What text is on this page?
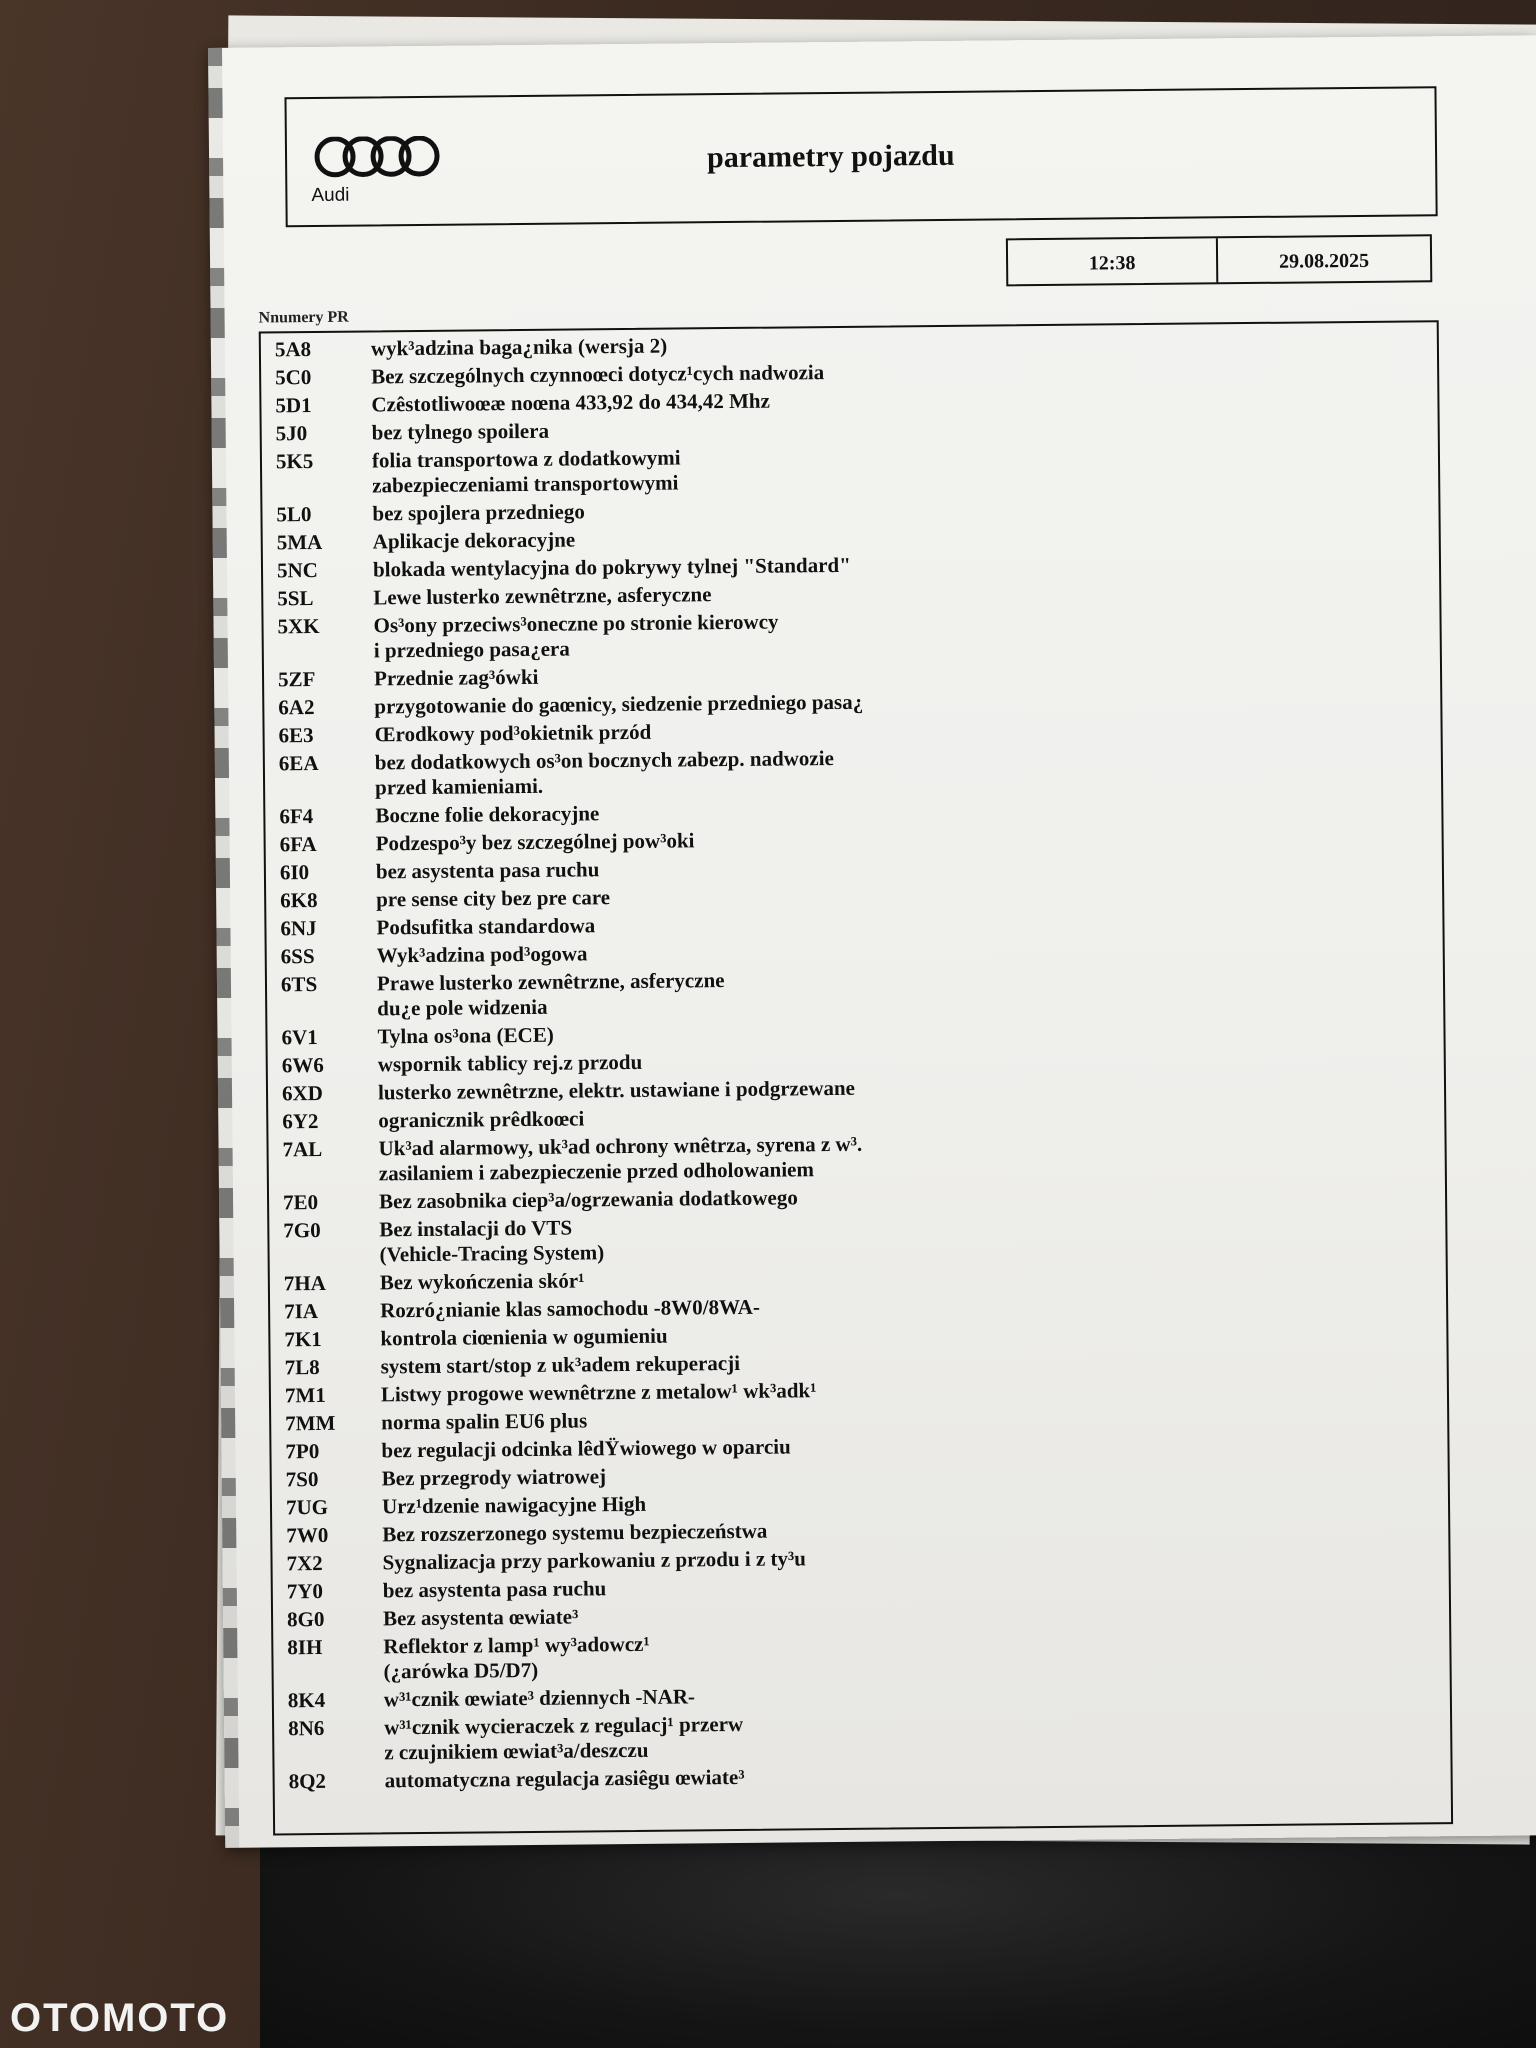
Audi
parametry pojazdu
12:38	29.08.2025
Nnumery PR
5A8	wyk³adzina baga¿nika (wersja 2)
5C0	Bez szczególnych czynnoœci dotycz¹cych nadwozia
5D1	Czêstotliwoœæ noœna 433,92 do 434,42 Mhz
5J0	bez tylnego spoilera
5K5	folia transportowa z dodatkowymi
zabezpieczeniami transportowymi
5L0	bez spojlera przedniego
5MA	Aplikacje dekoracyjne
5NC	blokada wentylacyjna do pokrywy tylnej "Standard"
5SL	Lewe lusterko zewnêtrzne, asferyczne
5XK	Os³ony przeciws³oneczne po stronie kierowcy
i przedniego pasa¿era
5ZF	Przednie zag³ówki
6A2	przygotowanie do gaœnicy, siedzenie przedniego pasa¿
6E3	Œrodkowy pod³okietnik przód
6EA	bez dodatkowych os³on bocznych zabezp. nadwozie
przed kamieniami.
6F4	Boczne folie dekoracyjne
6FA	Podzespo³y bez szczególnej pow³oki
6I0	bez asystenta pasa ruchu
6K8	pre sense city bez pre care
6NJ	Podsufitka standardowa
6SS	Wyk³adzina pod³ogowa
6TS	Prawe lusterko zewnêtrzne, asferyczne
du¿e pole widzenia
6V1	Tylna os³ona (ECE)
6W6	wspornik tablicy rej.z przodu
6XD	lusterko zewnêtrzne, elektr. ustawiane i podgrzewane
6Y2	ogranicznik prêdkoœci
7AL	Uk³ad alarmowy, uk³ad ochrony wnêtrza, syrena z w³.
zasilaniem i zabezpieczenie przed odholowaniem
7E0	Bez zasobnika ciep³a/ogrzewania dodatkowego
7G0	Bez instalacji do VTS
(Vehicle-Tracing System)
7HA	Bez wykończenia skór¹
7IA	Rozró¿nianie klas samochodu -8W0/8WA-
7K1	kontrola ciœnienia w ogumieniu
7L8	system start/stop z uk³adem rekuperacji
7M1	Listwy progowe wewnêtrzne z metalow¹ wk³adk¹
7MM	norma spalin EU6 plus
7P0	bez regulacji odcinka lêdŸwiowego w oparciu
7S0	Bez przegrody wiatrowej
7UG	Urz¹dzenie nawigacyjne High
7W0	Bez rozszerzonego systemu bezpieczeństwa
7X2	Sygnalizacja przy parkowaniu z przodu i z ty³u
7Y0	bez asystenta pasa ruchu
8G0	Bez asystenta œwiate³
8IH	Reflektor z lamp¹ wy³adowcz¹
(¿arówka D5/D7)
8K4	w³¹cznik œwiate³ dziennych -NAR-
8N6	w³¹cznik wycieraczek z regulacj¹ przerw
z czujnikiem œwiat³a/deszczu
8Q2	automatyczna regulacja zasiêgu œwiate³
OTOMOTO
